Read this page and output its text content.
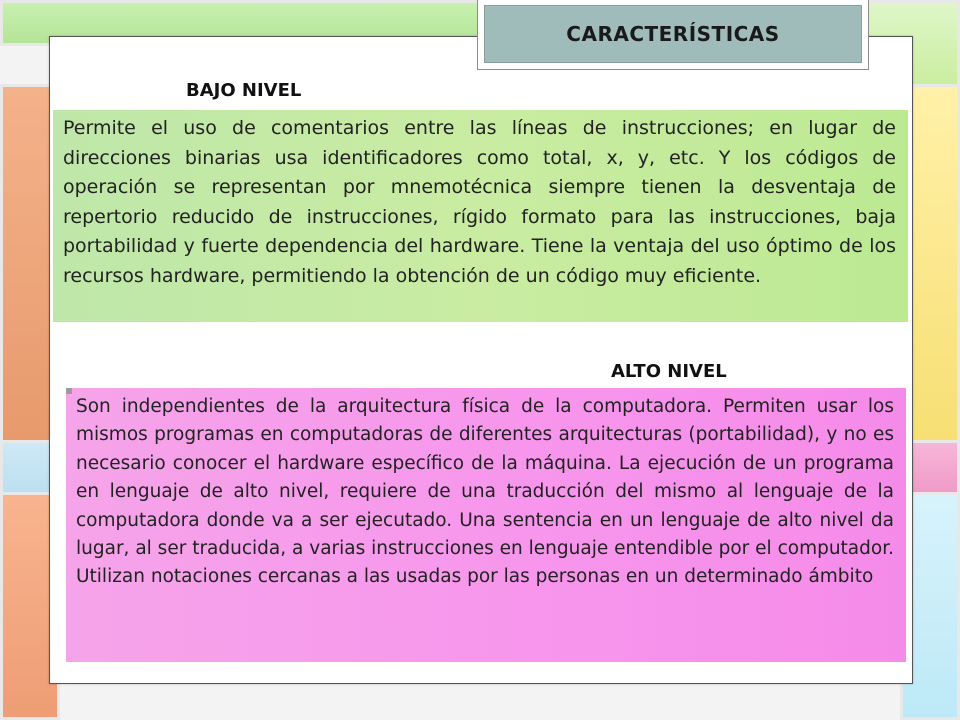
CARACTERÍSTICAS
BAJO NIVEL
Permite el uso de comentarios entre las líneas de instrucciones; en lugar de direcciones binarias usa identificadores como total, x, y, etc. Y los códigos de operación se representan por mnemotécnica siempre tienen la desventaja de repertorio reducido de instrucciones, rígido formato para las instrucciones, baja portabilidad y fuerte dependencia del hardware. Tiene la ventaja del uso óptimo de los recursos hardware, permitiendo la obtención de un código muy eficiente.
ALTO NIVEL
Son independientes de la arquitectura física de la computadora. Permiten usar los mismos programas en computadoras de diferentes arquitecturas (portabilidad), y no es necesario conocer el hardware específico de la máquina. La ejecución de un programa en lenguaje de alto nivel, requiere de una traducción del mismo al lenguaje de la computadora donde va a ser ejecutado. Una sentencia en un lenguaje de alto nivel da lugar, al ser traducida, a varias instrucciones en lenguaje entendible por el computador. Utilizan notaciones cercanas a las usadas por las personas en un determinado ámbito
